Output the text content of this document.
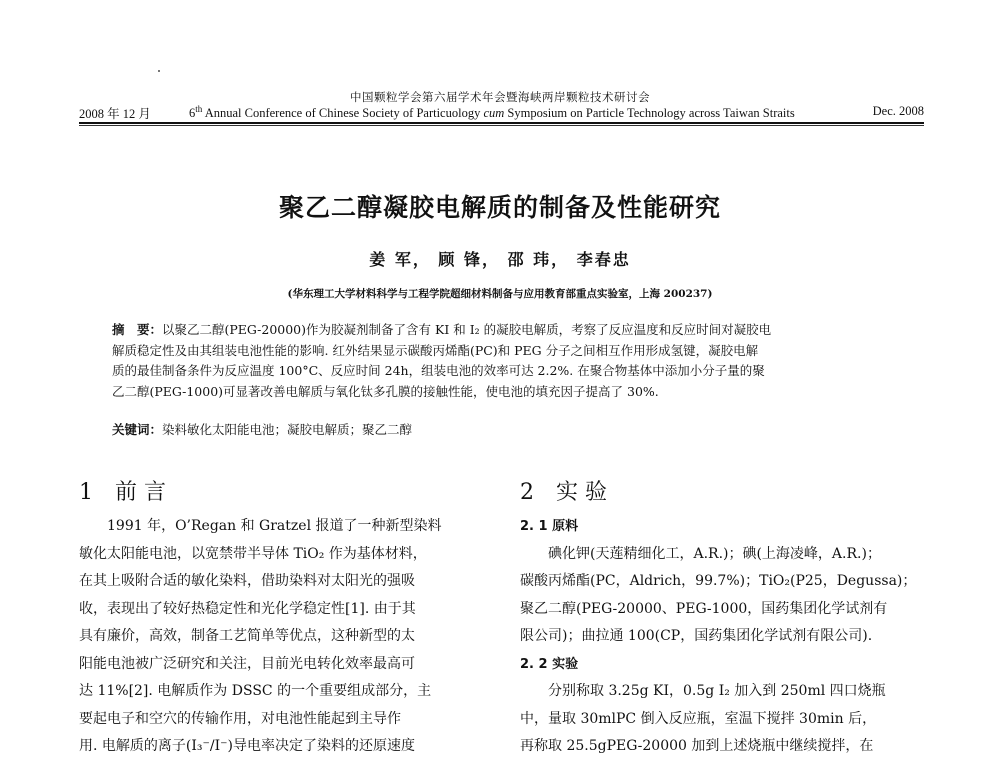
中国颗粒学会第六届学术年会暨海峡两岸颗粒技术研讨会
2008 年 12 月	6th Annual Conference of Chinese Society of Particuology cum Symposium on Particle Technology across Taiwan Straits	Dec. 2008
聚乙二醇凝胶电解质的制备及性能研究
姜 军， 顾 锋， 邵 玮， 李春忠
(华东理工大学材料科学与工程学院超细材料制备与应用教育部重点实验室，上海 200237)
摘　要：以聚乙二醇(PEG-20000)作为胶凝剂制备了含有 KI 和 I₂ 的凝胶电解质，考察了反应温度和反应时间对凝胶电
解质稳定性及由其组装电池性能的影响. 红外结果显示碳酸丙烯酯(PC)和 PEG 分子之间相互作用形成氢键，凝胶电解
质的最佳制备条件为反应温度 100°C、反应时间 24h，组装电池的效率可达 2.2%. 在聚合物基体中添加小分子量的聚
乙二醇(PEG-1000)可显著改善电解质与氧化钛多孔膜的接触性能，使电池的填充因子提高了 30%.
关键词：染料敏化太阳能电池；凝胶电解质；聚乙二醇
1 前 言	2 实 验

1991 年，O’Regan 和 Gratzel 报道了一种新型染料

敏化太阳能电池，以宽禁带半导体 TiO₂ 作为基体材料，

在其上吸附合适的敏化染料，借助染料对太阳光的强吸

收，表现出了较好热稳定性和光化学稳定性[1]. 由于其

具有廉价，高效，制备工艺简单等优点，这种新型的太

阳能电池被广泛研究和关注，目前光电转化效率最高可

达 11%[2]. 电解质作为 DSSC 的一个重要组成部分，主

要起电子和空穴的传输作用，对电池性能起到主导作

用. 电解质的离子(I₃⁻/I⁻)导电率决定了染料的还原速度

2. 1 原料

碘化钾(天莲精细化工，A.R.)；碘(上海凌峰，A.R.)；

碳酸丙烯酯(PC，Aldrich，99.7%)；TiO₂(P25，Degussa)；

聚乙二醇(PEG-20000、PEG-1000，国药集团化学试剂有

限公司)；曲拉通 100(CP，国药集团化学试剂有限公司).

2. 2 实验

分别称取 3.25g KI，0.5g I₂ 加入到 250ml 四口烧瓶

中，量取 30mlPC 倒入反应瓶，室温下搅拌 30min 后，

再称取 25.5gPEG-20000 加到上述烧瓶中继续搅拌，在
